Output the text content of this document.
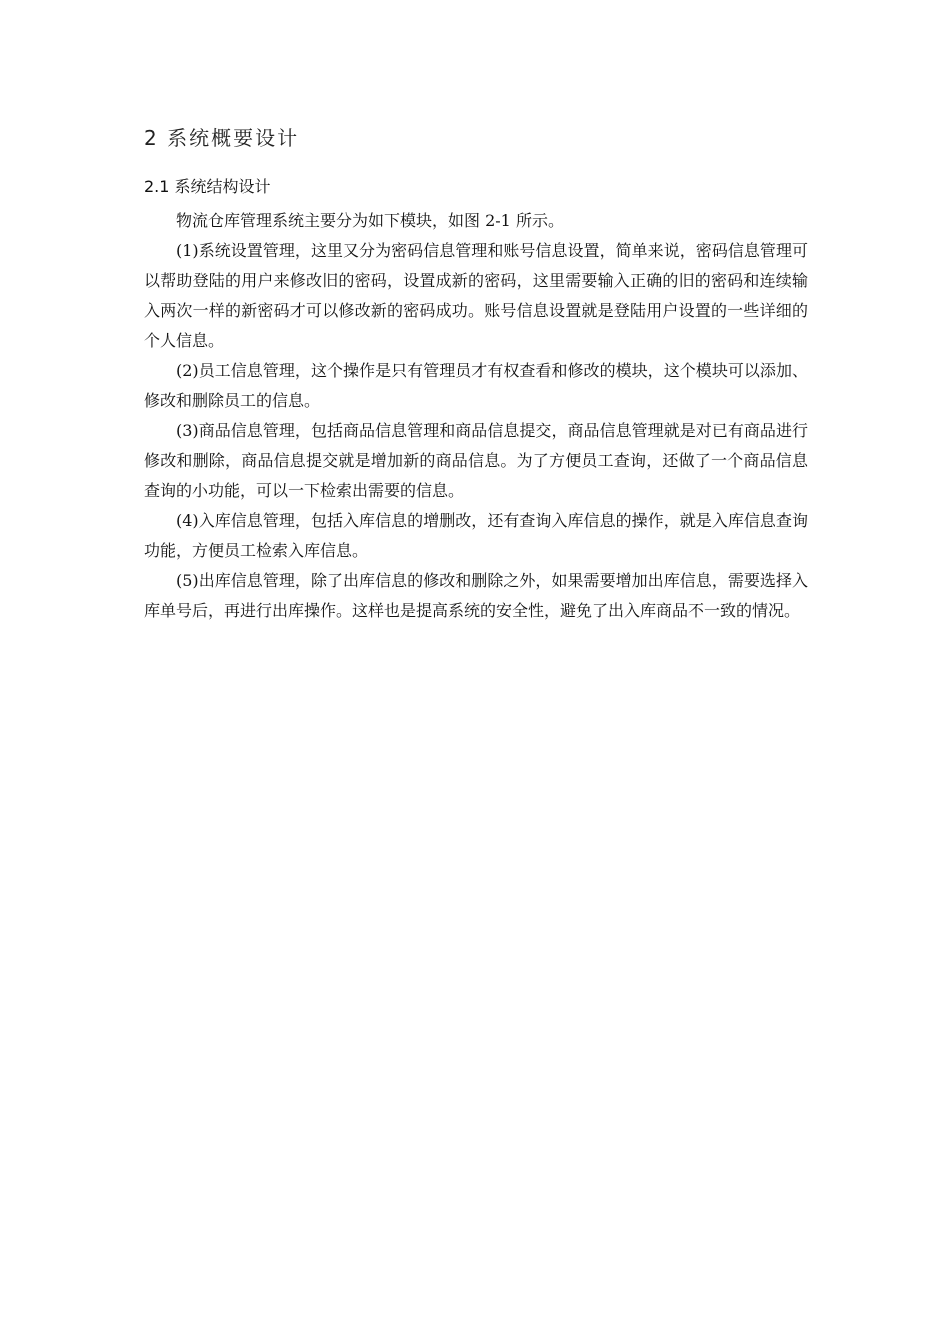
2 系统概要设计
2.1 系统结构设计

物流仓库管理系统主要分为如下模块，如图 2-1 所示。

(1)系统设置管理，这里又分为密码信息管理和账号信息设置，简单来说，密码信息管理可以帮助登陆的用户来修改旧的密码，设置成新的密码，这里需要输入正确的旧的密码和连续输入两次一样的新密码才可以修改新的密码成功。账号信息设置就是登陆用户设置的一些详细的个人信息。

(2)员工信息管理，这个操作是只有管理员才有权查看和修改的模块，这个模块可以添加、修改和删除员工的信息。

(3)商品信息管理，包括商品信息管理和商品信息提交，商品信息管理就是对已有商品进行修改和删除，商品信息提交就是增加新的商品信息。为了方便员工查询，还做了一个商品信息查询的小功能，可以一下检索出需要的信息。

(4)入库信息管理，包括入库信息的增删改，还有查询入库信息的操作，就是入库信息查询功能，方便员工检索入库信息。

(5)出库信息管理，除了出库信息的修改和删除之外，如果需要增加出库信息，需要选择入库单号后，再进行出库操作。这样也是提高系统的安全性，避免了出入库商品不一致的情况。
